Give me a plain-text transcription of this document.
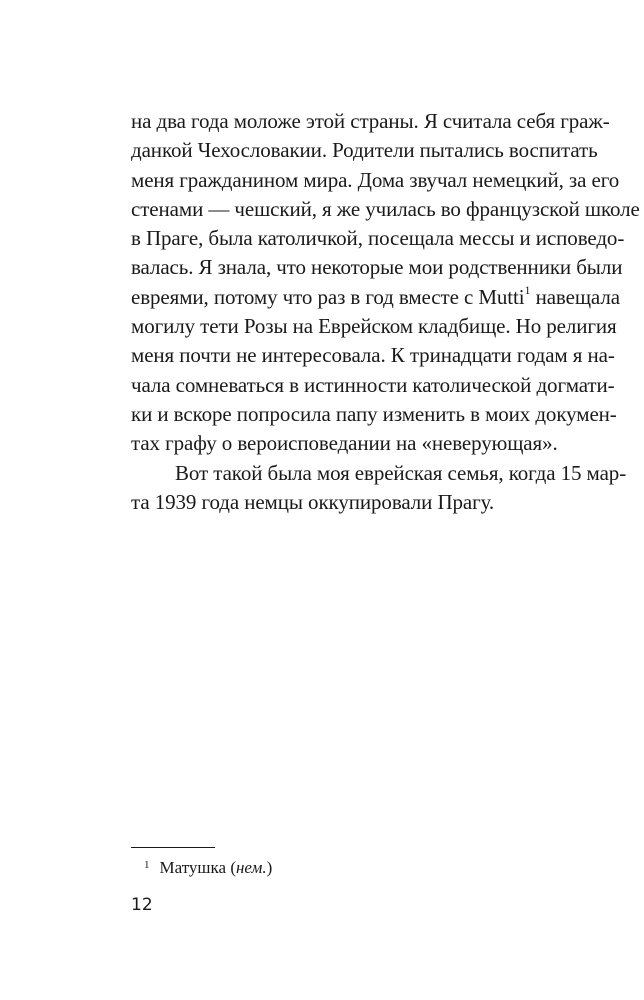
на два года моложе этой страны. Я считала себя граж-
данкой Чехословакии. Родители пытались воспитать
меня гражданином мира. Дома звучал немецкий, за его
стенами — чешский, я же училась во французской школе
в Праге, была католичкой, посещала мессы и исповедо-
валась. Я знала, что некоторые мои родственники были
евреями, потому что раз в год вместе с Mutti$^1$ навещала
могилу тети Розы на Еврейском кладбище. Но религия
меня почти не интересовала. К тринадцати годам я на-
чала сомневаться в истинности католической догмати-
ки и вскоре попросила папу изменить в моих докумен-
тах графу о вероисповедании на «неверующая».
Вот такой была моя еврейская семья, когда 15 мар-
та 1939 года немцы оккупировали Прагу.
$^1$ Матушка (нем.)
12
